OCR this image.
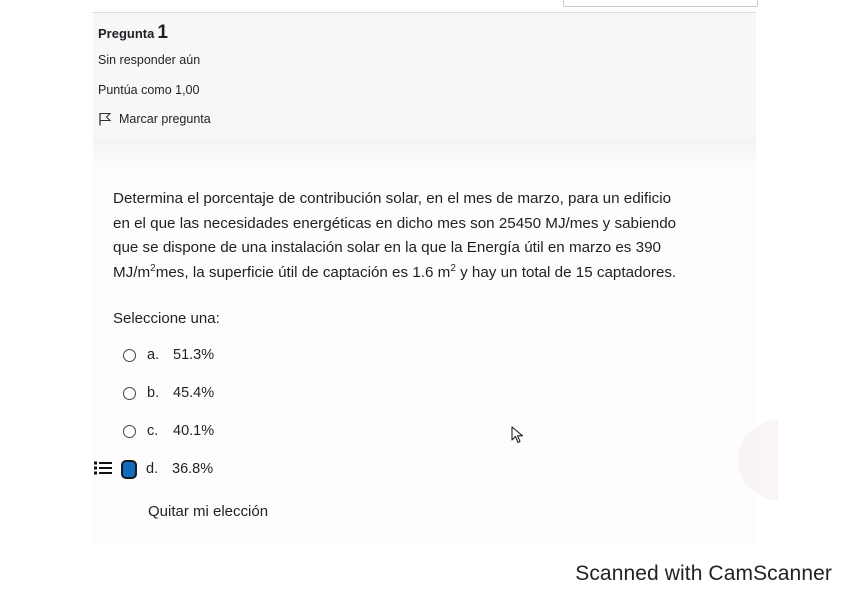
Pregunta 1
Sin responder aún
Puntúa como 1,00
Marcar pregunta
Determina el porcentaje de contribución solar, en el mes de marzo, para un edificio
en el que las necesidades energéticas en dicho mes son 25450 MJ/mes y sabiendo
que se dispone de una instalación solar en la que la Energía útil en marzo es 390
$MJ/m^2mes$, la superficie útil de captación es 1.6 $m^2$ y hay un total de 15 captadores.
Seleccione una:
a. 51.3%
b. 45.4%
c.	40.1%
d. 36.8%
Quitar mi elección
Scanned with CamScanner
